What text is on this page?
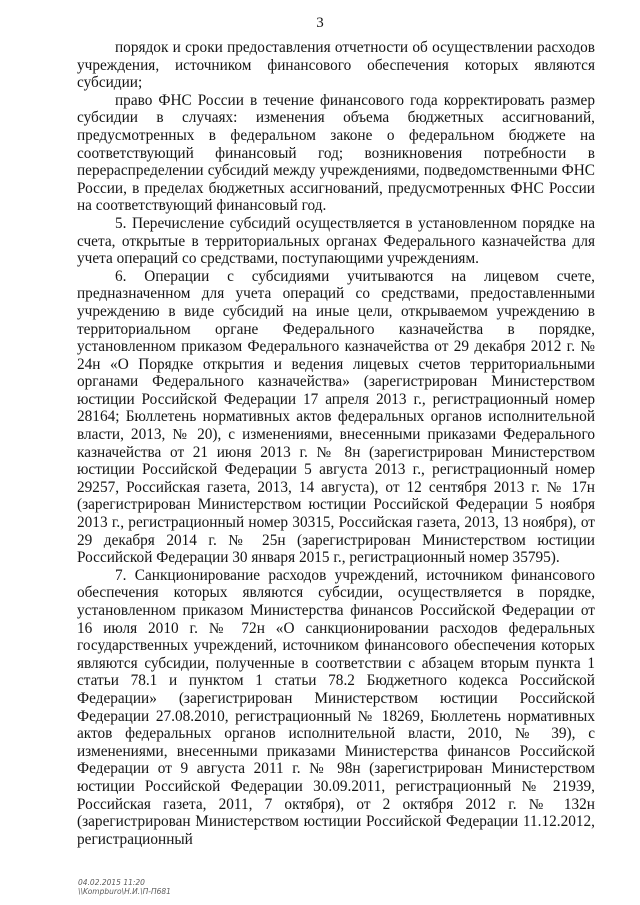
3

порядок и сроки предоставления отчетности об осуществлении расходов учреждения, источником финансового обеспечения которых являются субсидии;

право ФНС России в течение финансового года корректировать размер субсидии в случаях: изменения объема бюджетных ассигнований, предусмотренных в федеральном законе о федеральном бюджете на соответствующий финансовый год; возникновения потребности в перераспределении субсидий между учреждениями, подведомственными ФНС России, в пределах бюджетных ассигнований, предусмотренных ФНС России на соответствующий финансовый год.

5. Перечисление субсидий осуществляется в установленном порядке на счета, открытые в территориальных органах Федерального казначейства для учета операций со средствами, поступающими учреждениям.

6. Операции с субсидиями учитываются на лицевом счете, предназначенном для учета операций со средствами, предоставленными учреждению в виде субсидий на иные цели, открываемом учреждению в территориальном органе Федерального казначейства в порядке, установленном приказом Федерального казначейства от 29 декабря 2012 г. № 24н «О Порядке открытия и ведения лицевых счетов территориальными органами Федерального казначейства» (зарегистрирован Министерством юстиции Российской Федерации 17 апреля 2013 г., регистрационный номер 28164; Бюллетень нормативных актов федеральных органов исполнительной власти, 2013, № 20), с изменениями, внесенными приказами Федерального казначейства от 21 июня 2013 г. № 8н (зарегистрирован Министерством юстиции Российской Федерации 5 августа 2013 г., регистрационный номер 29257, Российская газета, 2013, 14 августа), от 12 сентября 2013 г. № 17н (зарегистрирован Министерством юстиции Российской Федерации 5 ноября 2013 г., регистрационный номер 30315, Российская газета, 2013, 13 ноября), от 29 декабря 2014 г. № 25н (зарегистрирован Министерством юстиции Российской Федерации 30 января 2015 г., регистрационный номер 35795).

7. Санкционирование расходов учреждений, источником финансового обеспечения которых являются субсидии, осуществляется в порядке, установленном приказом Министерства финансов Российской Федерации от 16 июля 2010 г. № 72н «О санкционировании расходов федеральных государственных учреждений, источником финансового обеспечения которых являются субсидии, полученные в соответствии с абзацем вторым пункта 1 статьи 78.1 и пунктом 1 статьи 78.2 Бюджетного кодекса Российской Федерации» (зарегистрирован Министерством юстиции Российской Федерации 27.08.2010, регистрационный № 18269, Бюллетень нормативных актов федеральных органов исполнительной власти, 2010, № 39), с изменениями, внесенными приказами Министерства финансов Российской Федерации от 9 августа 2011 г. № 98н (зарегистрирован Министерством юстиции Российской Федерации 30.09.2011, регистрационный № 21939, Российская газета, 2011, 7 октября), от 2 октября 2012 г. № 132н (зарегистрирован Министерством юстиции Российской Федерации 11.12.2012, регистрационный

04.02.2015 11:20
\\Kompburo\Н.И.\П-П681
